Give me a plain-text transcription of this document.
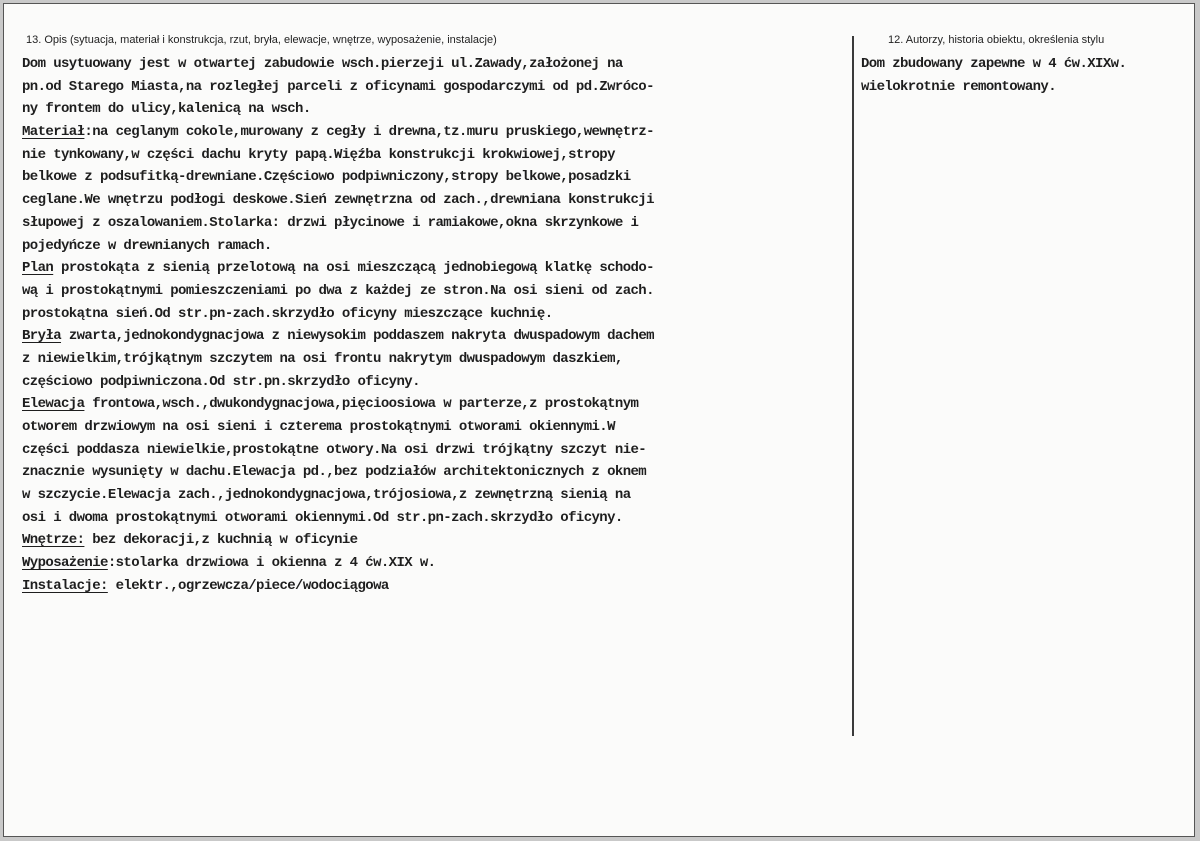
13. Opis (sytuacja, materiał i konstrukcja, rzut, bryła, elewacje, wnętrze, wyposażenie, instalacje)
Dom usytuowany jest w otwartej zabudowie wsch.pierzeji ul.Zawady,założonej na
pn.od Starego Miasta,na rozległej parceli z oficynami gospodarczymi od pd.Zwróco-
ny frontem do ulicy,kalenicą na wsch.
Materiał:na ceglanym cokole,murowany z cegły i drewna,tz.muru pruskiego,wewnętrz-
nie tynkowany,w części dachu kryty papą.Więźba konstrukcji krokwiowej,stropy
belkowe z podsufitką-drewniane.Częściowo podpiwniczony,stropy belkowe,posadzki
ceglane.We wnętrzu podłogi deskowe.Sień zewnętrzna od zach.,drewniana konstrukcji
słupowej z oszalowaniem.Stolarka: drzwi płycinowe i ramiakowe,okna skrzynkowe i
pojedyńcze w drewnianych ramach.
Plan prostokąta z sienią przelotową na osi mieszczącą jednobiegową klatkę schodo-
wą i prostokątnymi pomieszczeniami po dwa z każdej ze stron.Na osi sieni od zach.
prostokątna sień.Od str.pn-zach.skrzydło oficyny mieszczące kuchnię.
Bryła zwarta,jednokondygnacjowa z niewysokim poddaszem nakryta dwuspadowym dachem
z niewielkim,trójkątnym szczytem na osi frontu nakrytym dwuspadowym daszkiem,
częściowo podpiwniczona.Od str.pn.skrzydło oficyny.
Elewacja frontowa,wsch.,dwukondygnacjowa,pięcioosiowa w parterze,z prostokątnym
otworem drzwiowym na osi sieni i czterema prostokątnymi otworami okiennymi.W
części poddasza niewielkie,prostokątne otwory.Na osi drzwi trójkątny szczyt nie-
znacznie wysunięty w dachu.Elewacja pd.,bez podziałów architektonicznych z oknem
w szczycie.Elewacja zach.,jednokondygnacjowa,trójosiowa,z zewnętrzną sienią na
osi i dwoma prostokątnymi otworami okiennymi.Od str.pn-zach.skrzydło oficyny.
Wnętrze: bez dekoracji,z kuchnią w oficynie
Wyposażenie:stolarka drzwiowa i okienna z 4 ćw.XIX w.
Instalacje: elektr.,ogrzewcza/piece/wodociągowa
12. Autorzy, historia obiektu, określenia stylu
Dom zbudowany zapewne w 4 ćw.XIXw.
wielokrotnie remontowany.
